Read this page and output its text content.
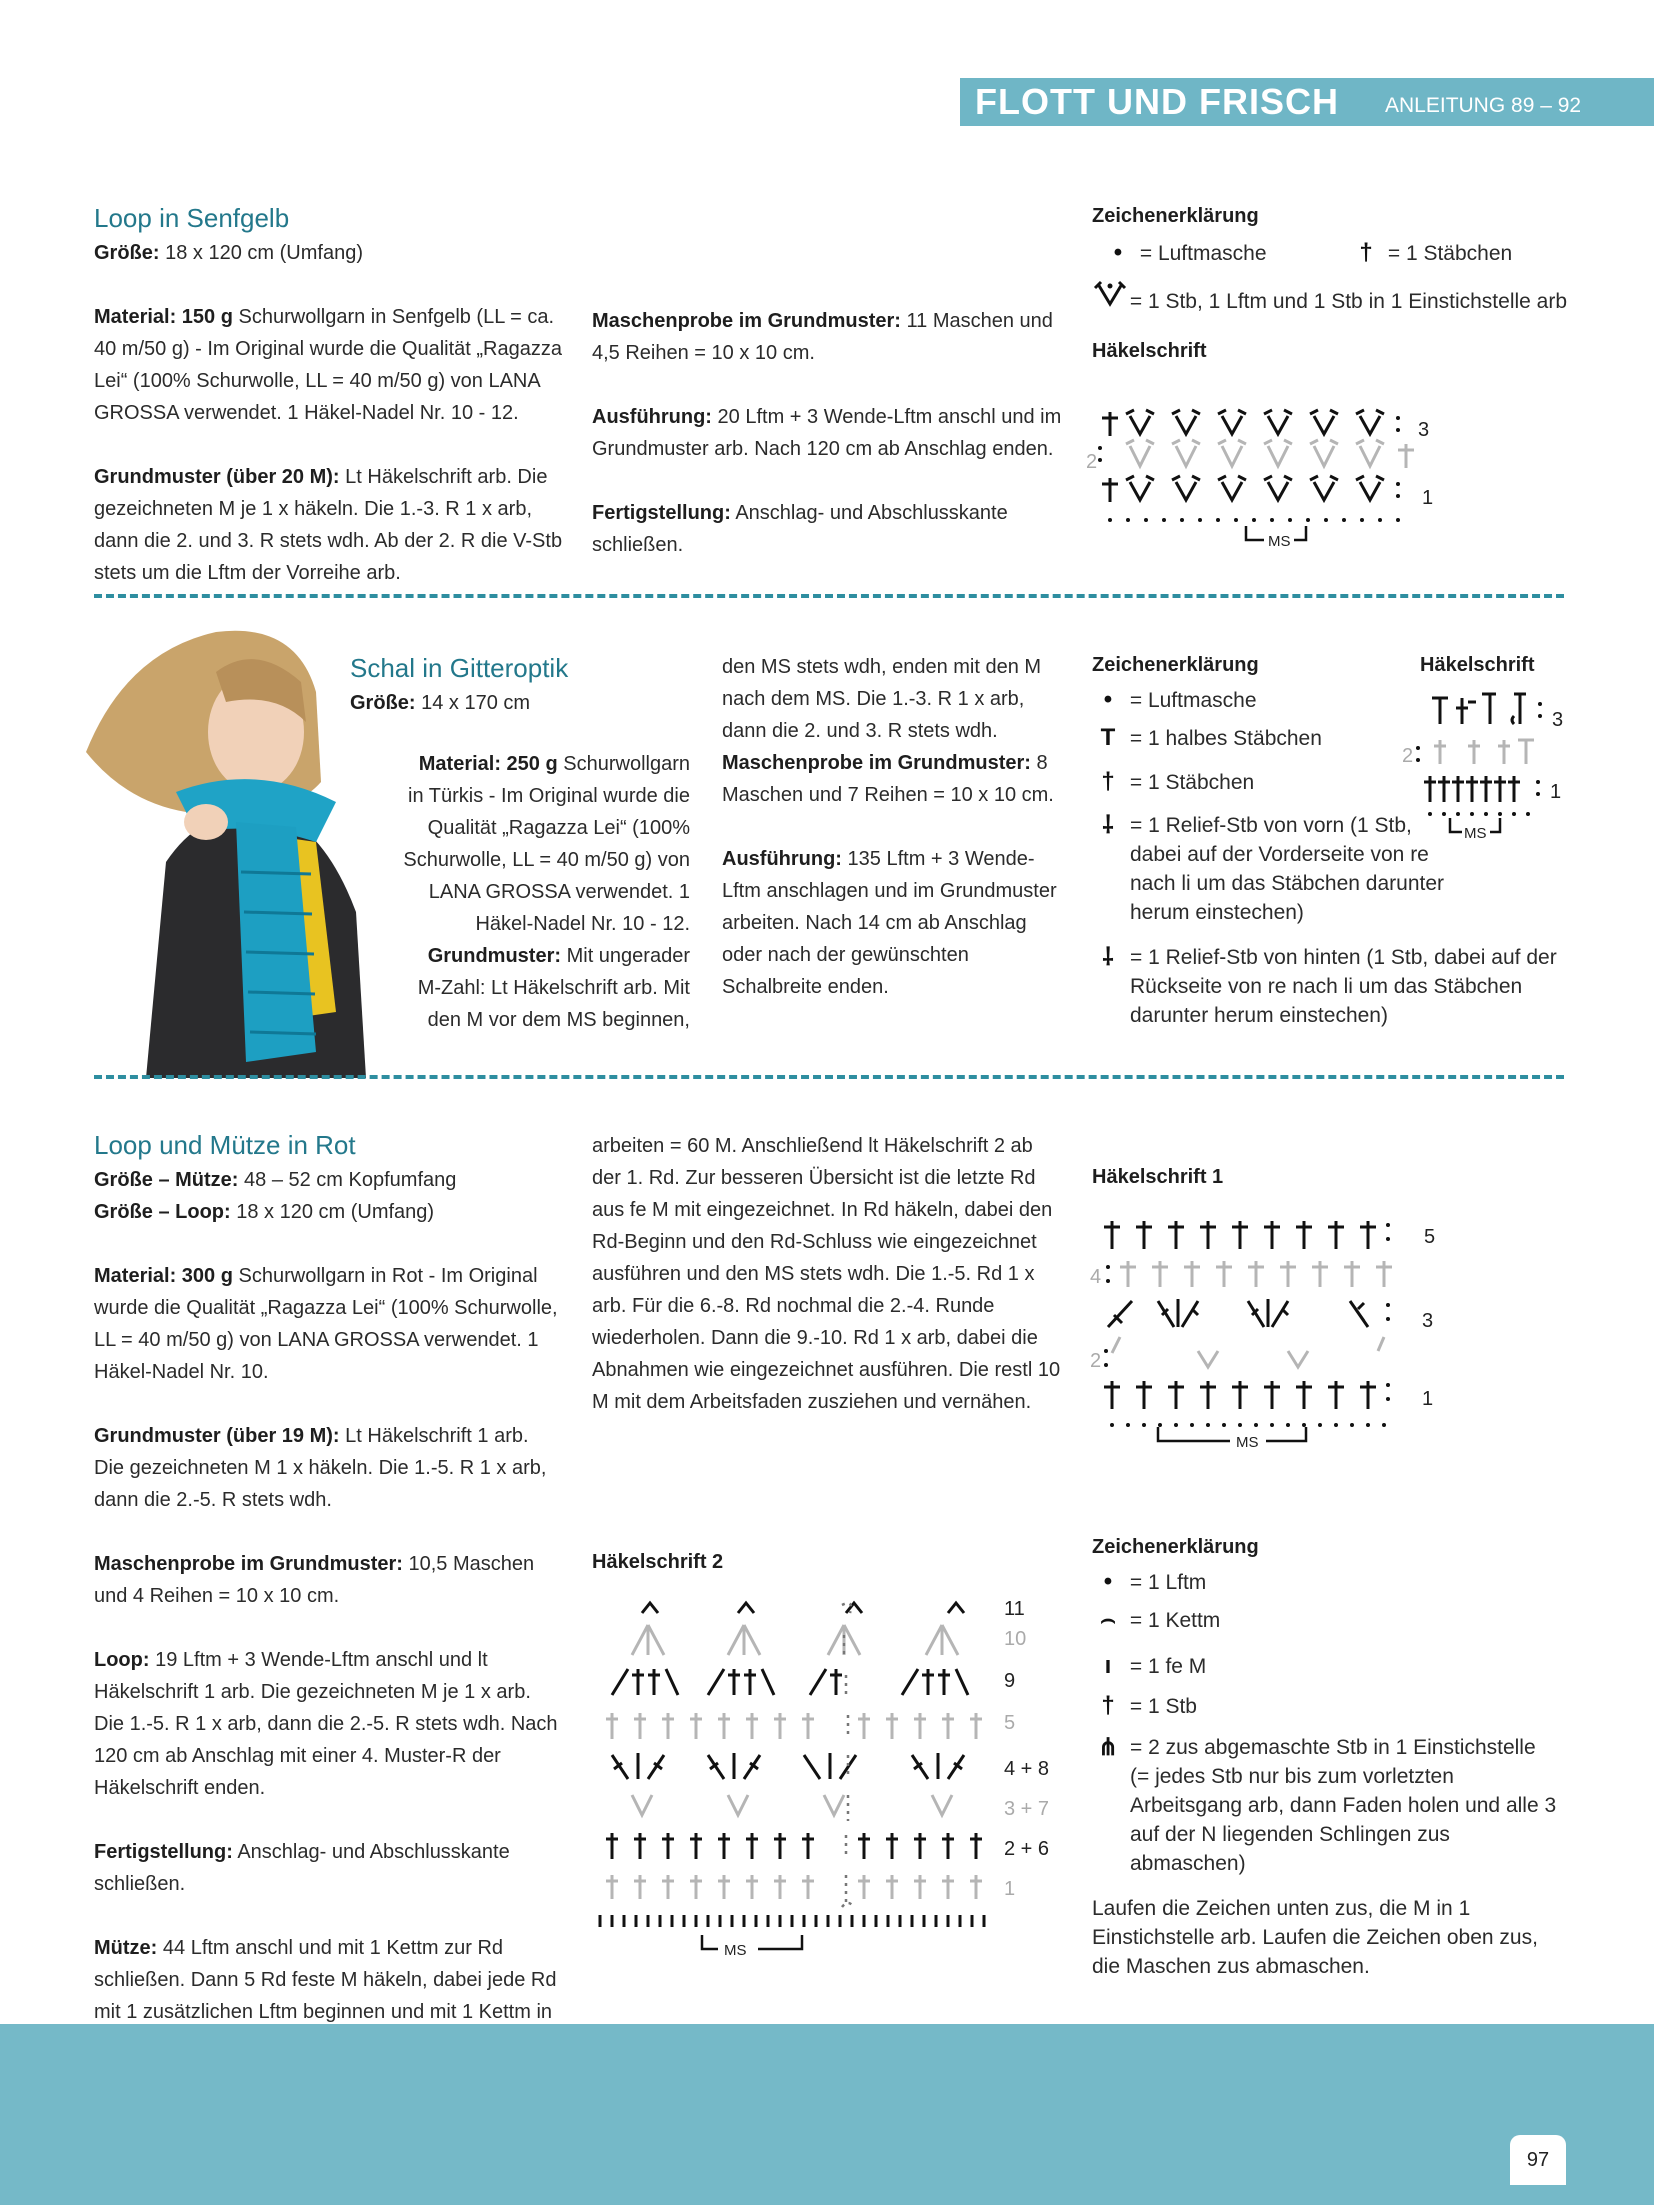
FLOTT UND FRISCH ANLEITUNG 89 – 92
Loop in Senfgelb

Größe: 18 x 120 cm (Umfang)

Material: 150 g Schurwollgarn in Senfgelb (LL = ca. 40 m/50 g) - Im Original wurde die Qualität „Ragazza Lei“ (100% Schurwolle, LL = 40 m/50 g) von LANA GROSSA verwendet. 1 Häkel-Nadel Nr. 10 - 12.

Grundmuster (über 20 M): Lt Häkelschrift arb. Die gezeichneten M je 1 x häkeln. Die 1.-3. R 1 x arb, dann die 2. und 3. R stets wdh. Ab der 2. R die V-Stb stets um die Lftm der Vorreihe arb.

Maschenprobe im Grundmuster: 11 Maschen und 4,5 Reihen = 10 x 10 cm.

Ausführung: 20 Lftm + 3 Wende-Lftm anschl und im Grundmuster arb. Nach 120 cm ab Anschlag enden.

Fertigstellung: Anschlag- und Abschlusskante schließen.

Zeichenerklärung
• = Luftmasche	† = 1 Stäbchen
= 1 Stb, 1 Lftm und 1 Stb in 1 Einstichstelle arb
Häkelschrift
MS
3
2
1
Schal in Gitteroptik
Größe: 14 x 170 cm

Material: 250 g Schurwollgarn in Türkis - Im Original wurde die Qualität „Ragazza Lei“ (100% Schurwolle, LL = 40 m/50 g) von LANA GROSSA verwendet. 1 Häkel-Nadel Nr. 10 - 12.

Grundmuster: Mit ungerader M-Zahl: Lt Häkelschrift arb. Mit den M vor dem MS beginnen,

den MS stets wdh, enden mit den M nach dem MS. Die 1.-3. R 1 x arb, dann die 2. und 3. R stets wdh.

Maschenprobe im Grundmuster: 8 Maschen und 7 Reihen = 10 x 10 cm.

Ausführung: 135 Lftm + 3 Wende-Lftm anschlagen und im Grundmuster arbeiten. Nach 14 cm ab Anschlag oder nach der gewünschten Schalbreite enden.

Zeichenerklärung
• = Luftmasche
T = 1 halbes Stäbchen
† = 1 Stäbchen
⸸ = 1 Relief-Stb von vorn (1 Stb, dabei auf der Vorderseite von re nach li um das Stäbchen darunter herum einstechen)
⸸ = 1 Relief-Stb von hinten (1 Stb, dabei auf der Rückseite von re nach li um das Stäbchen darunter herum einstechen)
Häkelschrift
MS
3
2
1
Loop und Mütze in Rot

Größe – Mütze: 48 – 52 cm Kopfumfang

Größe – Loop: 18 x 120 cm (Umfang)

Material: 300 g Schurwollgarn in Rot - Im Original wurde die Qualität „Ragazza Lei“ (100% Schurwolle, LL = 40 m/50 g) von LANA GROSSA verwendet. 1 Häkel-Nadel Nr. 10.

Grundmuster (über 19 M): Lt Häkelschrift 1 arb. Die gezeichneten M 1 x häkeln. Die 1.-5. R 1 x arb, dann die 2.-5. R stets wdh.

Maschenprobe im Grundmuster: 10,5 Maschen und 4 Reihen = 10 x 10 cm.

Loop: 19 Lftm + 3 Wende-Lftm anschl und lt Häkelschrift 1 arb. Die gezeichneten M je 1 x arb. Die 1.-5. R 1 x arb, dann die 2.-5. R stets wdh. Nach 120 cm ab Anschlag mit einer 4. Muster-R der Häkelschrift enden.

Fertigstellung: Anschlag- und Abschlusskante schließen.

Mütze: 44 Lftm anschl und mit 1 Kettm zur Rd schließen. Dann 5 Rd feste M häkeln, dabei jede Rd mit 1 zusätzlichen Lftm beginnen und mit 1 Kettm in

arbeiten = 60 M. Anschließend lt Häkelschrift 2 ab der 1. Rd. Zur besseren Übersicht ist die letzte Rd aus fe M mit eingezeichnet. In Rd häkeln, dabei den Rd-Beginn und den Rd-Schluss wie eingezeichnet ausführen und den MS stets wdh. Die 1.-5. Rd 1 x arb. Für die 6.-8. Rd nochmal die 2.-4. Runde wiederholen. Dann die 9.-10. Rd 1 x arb, dabei die Abnahmen wie eingezeichnet ausführen. Die restl 10 M mit dem Arbeitsfaden zusziehen und vernähen.

Häkelschrift 1
MS
5
4
3
2
1
Häkelschrift 2
MS
11
10
9
5
4 + 8
3 + 7
2 + 6
1
Zeichenerklärung
• = 1 Lftm
⌢ = 1 Kettm
ı = 1 fe M
† = 1 Stb
⋔ = 2 zus abgemaschte Stb in 1 Einstichstelle (= jedes Stb nur bis zum vorletzten Arbeitsgang arb, dann Faden holen und alle 3 auf der N liegenden Schlingen zus abmaschen)
Laufen die Zeichen unten zus, die M in 1 Einstichstelle arb. Laufen die Zeichen oben zus, die Maschen zus abmaschen.
97
